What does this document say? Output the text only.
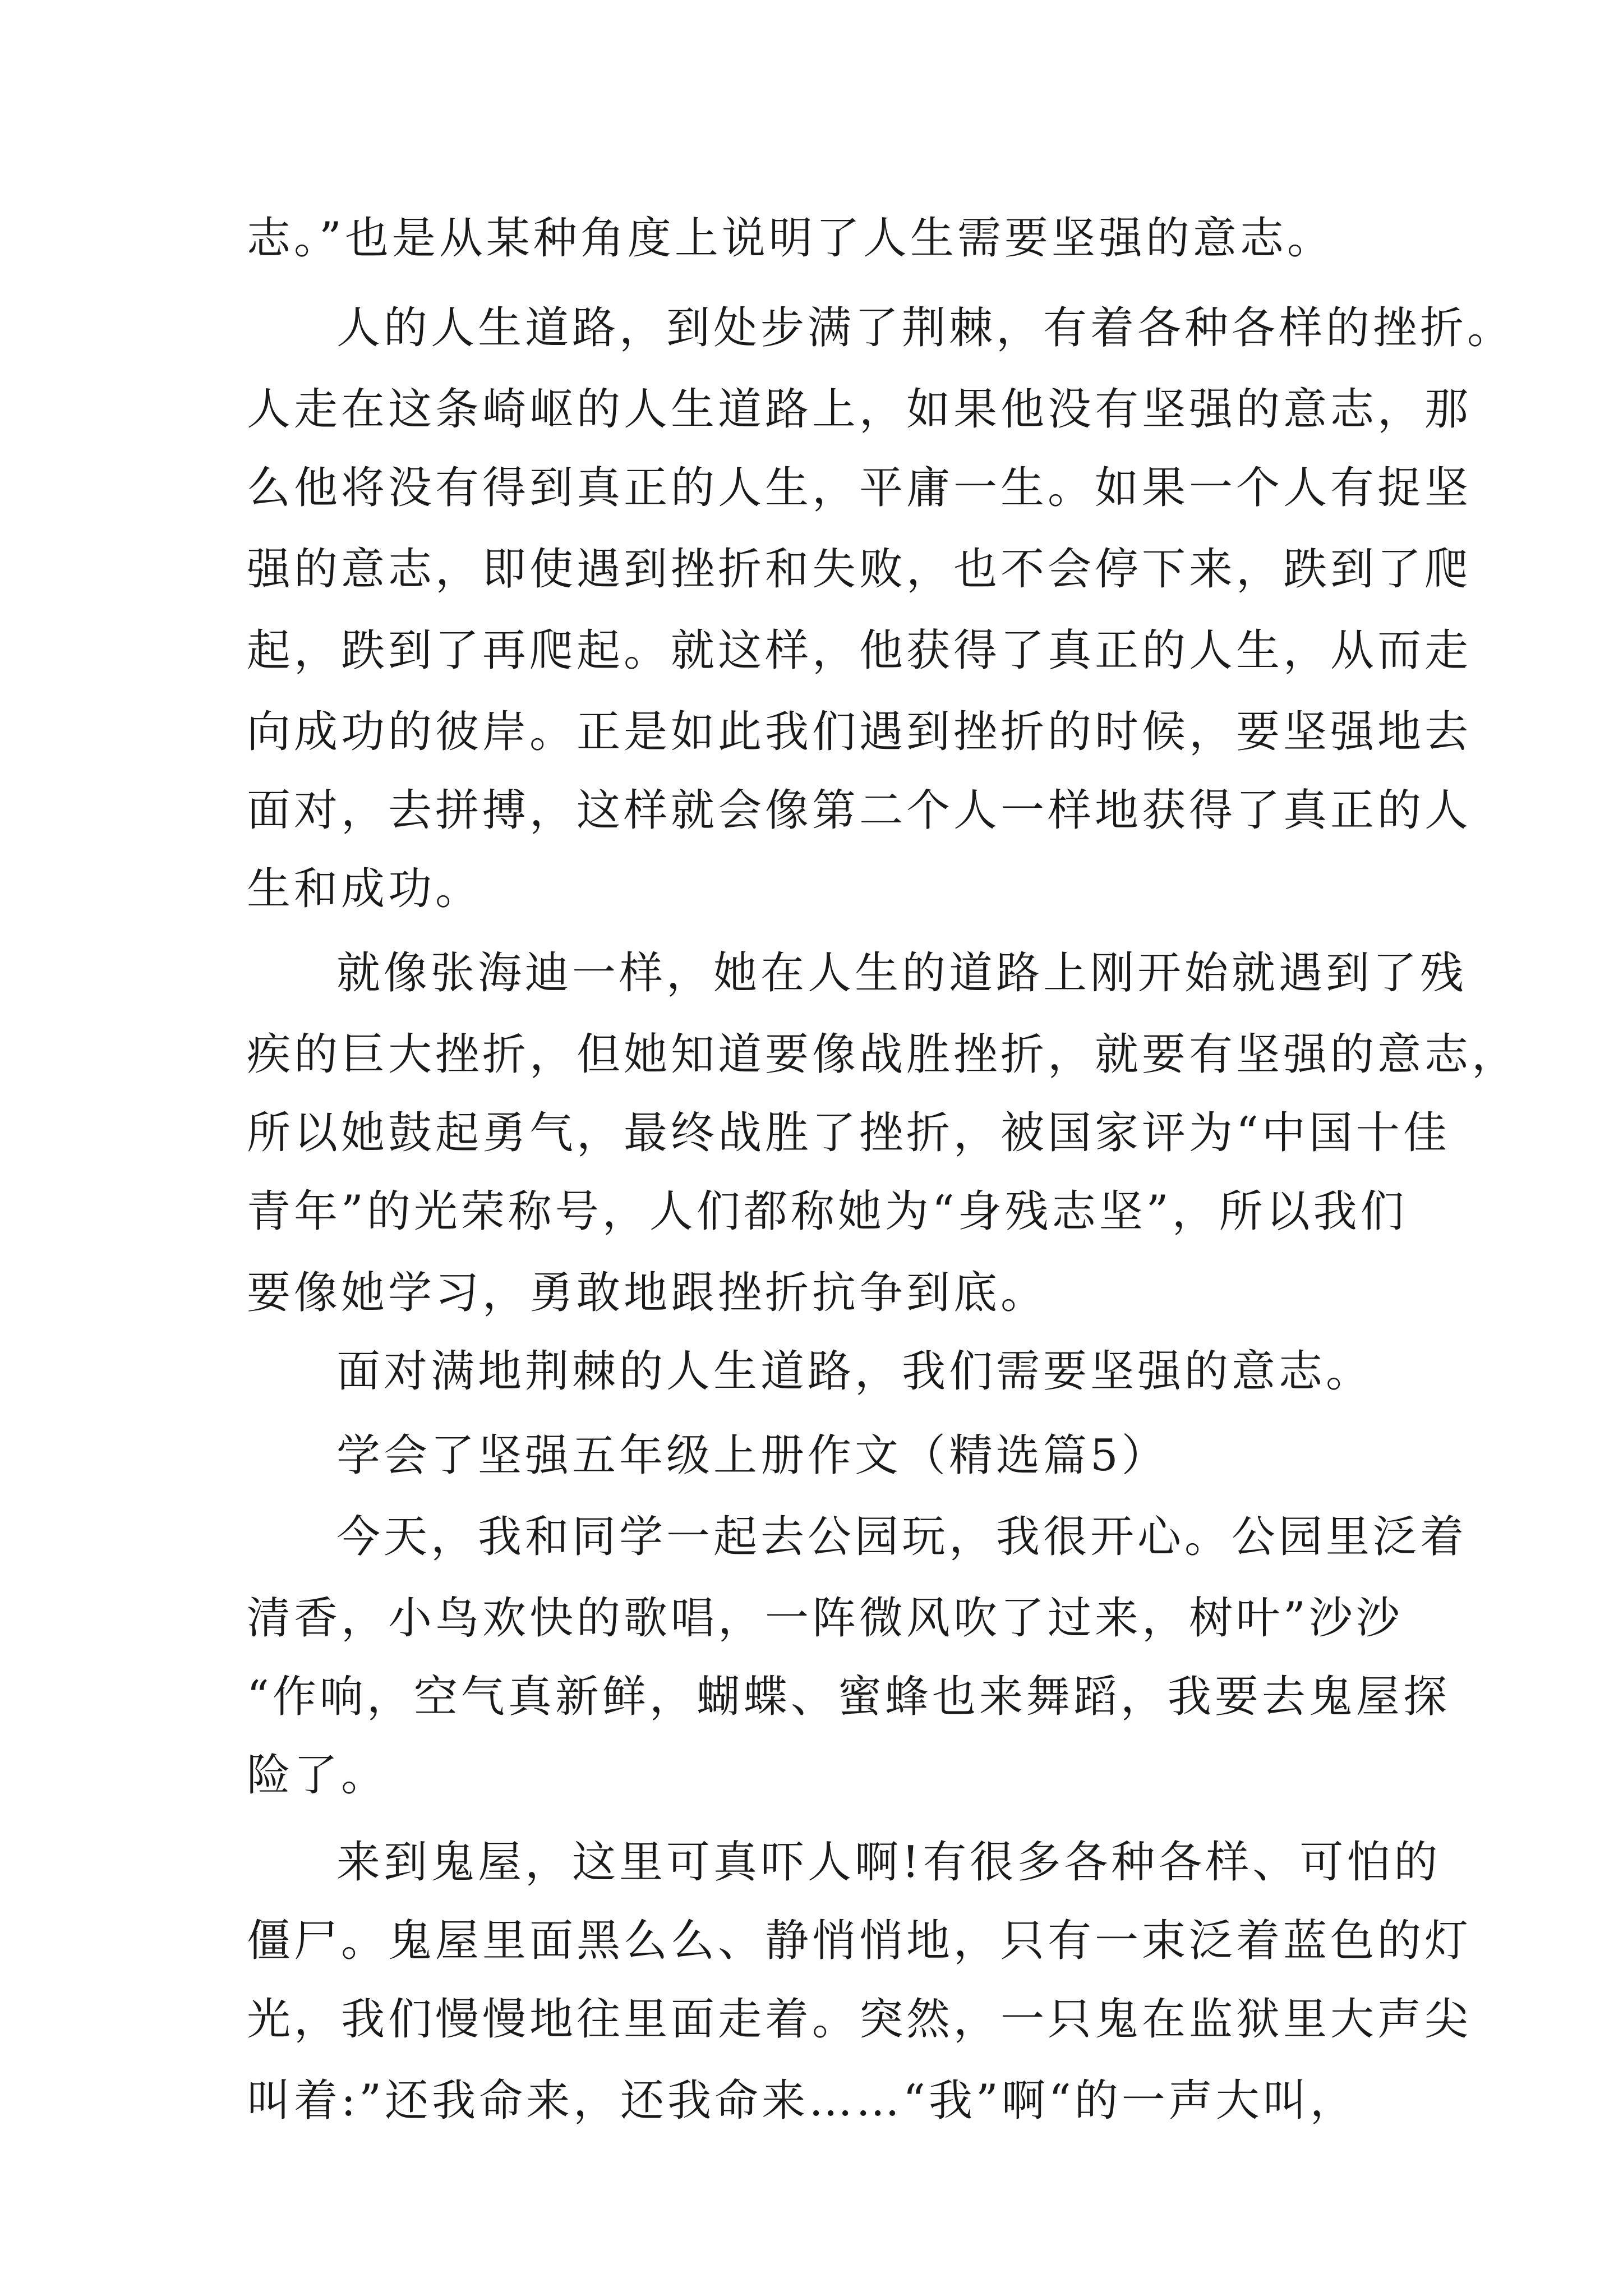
志。”也是从某种角度上说明了人生需要坚强的意志。
人的人生道路，到处步满了荆棘，有着各种各样的挫折。
人走在这条崎岖的人生道路上，如果他没有坚强的意志，那
么他将没有得到真正的人生，平庸一生。如果一个人有捉坚
强的意志，即使遇到挫折和失败，也不会停下来，跌到了爬
起，跌到了再爬起。就这样，他获得了真正的人生，从而走
向成功的彼岸。正是如此我们遇到挫折的时候，要坚强地去
面对，去拼搏，这样就会像第二个人一样地获得了真正的人
生和成功。
就像张海迪一样，她在人生的道路上刚开始就遇到了残
疾的巨大挫折，但她知道要像战胜挫折，就要有坚强的意志，
所以她鼓起勇气，最终战胜了挫折，被国家评为“中国十佳
青年”的光荣称号，人们都称她为“身残志坚”，所以我们
要像她学习，勇敢地跟挫折抗争到底。
面对满地荆棘的人生道路，我们需要坚强的意志。
学会了坚强五年级上册作文（精选篇5）
今天，我和同学一起去公园玩，我很开心。公园里泛着
清香，小鸟欢快的歌唱，一阵微风吹了过来，树叶”沙沙
“作响，空气真新鲜，蝴蝶、蜜蜂也来舞蹈，我要去鬼屋探
险了。
来到鬼屋，这里可真吓人啊!有很多各种各样、可怕的
僵尸。鬼屋里面黑么么、静悄悄地，只有一束泛着蓝色的灯
光，我们慢慢地往里面走着。突然，一只鬼在监狱里大声尖
叫着:”还我命来，还我命来……“我”啊“的一声大叫，
